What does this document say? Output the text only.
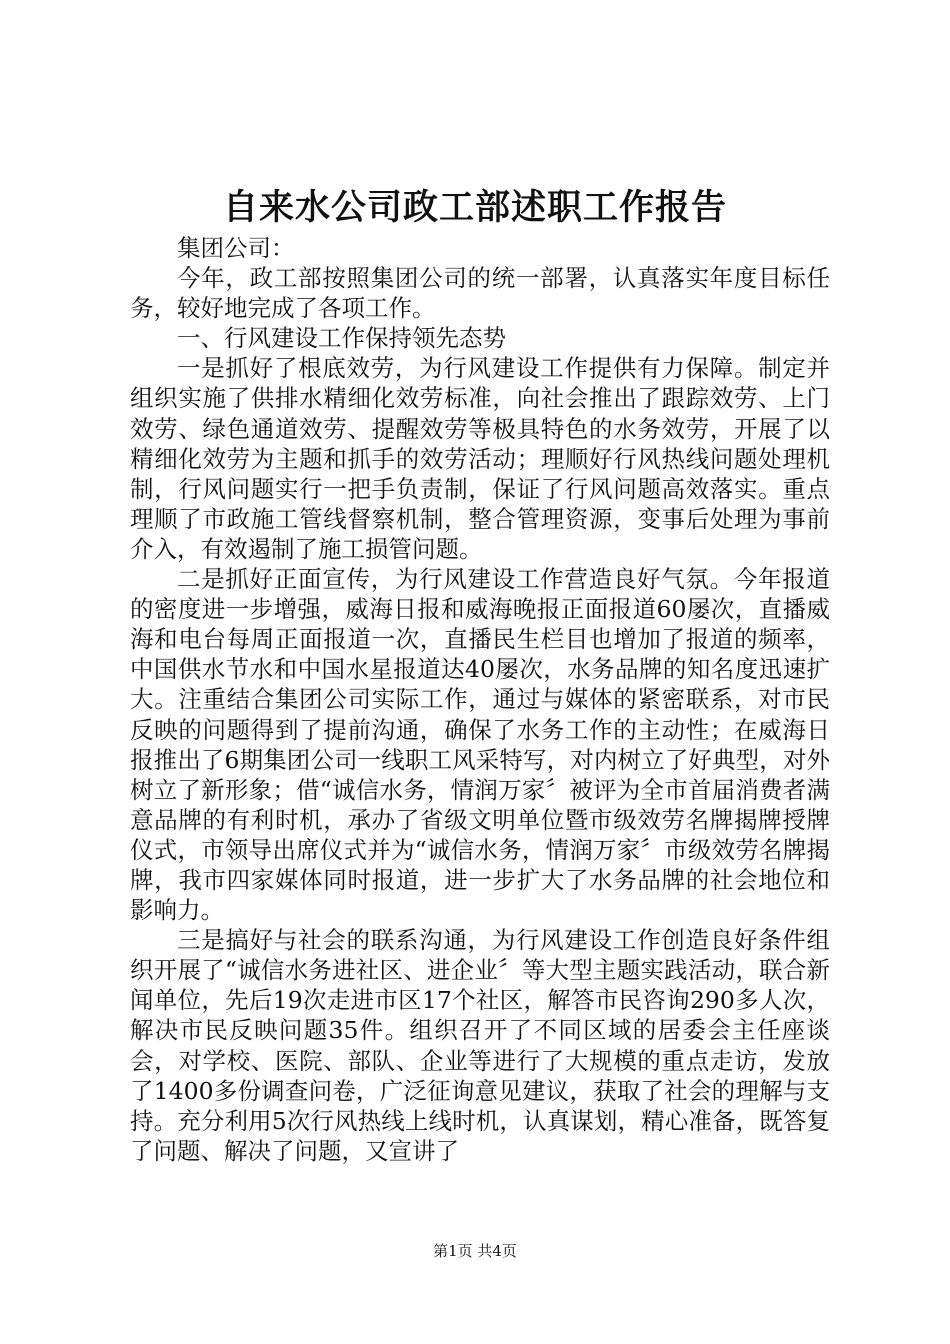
自来水公司政工部述职工作报告

集团公司：

今年，政工部按照集团公司的统一部署，认真落实年度目标任务，较好地完成了各项工作。

一、行风建设工作保持领先态势

一是抓好了根底效劳，为行风建设工作提供有力保障。制定并组织实施了供排水精细化效劳标准，向社会推出了跟踪效劳、上门效劳、绿色通道效劳、提醒效劳等极具特色的水务效劳，开展了以精细化效劳为主题和抓手的效劳活动；理顺好行风热线问题处理机制，行风问题实行一把手负责制，保证了行风问题高效落实。重点理顺了市政施工管线督察机制，整合管理资源，变事后处理为事前介入，有效遏制了施工损管问题。

二是抓好正面宣传，为行风建设工作营造良好气氛。今年报道的密度进一步增强，威海日报和威海晚报正面报道60屡次，直播威海和电台每周正面报道一次，直播民生栏目也增加了报道的频率，中国供水节水和中国水星报道达40屡次，水务品牌的知名度迅速扩大。注重结合集团公司实际工作，通过与媒体的紧密联系，对市民反映的问题得到了提前沟通，确保了水务工作的主动性；在威海日报推出了6期集团公司一线职工风采特写，对内树立了好典型，对外树立了新形象；借“诚信水务，情润万家〞被评为全市首届消费者满意品牌的有利时机，承办了省级文明单位暨市级效劳名牌揭牌授牌仪式，市领导出席仪式并为“诚信水务，情润万家〞市级效劳名牌揭牌，我市四家媒体同时报道，进一步扩大了水务品牌的社会地位和影响力。

三是搞好与社会的联系沟通，为行风建设工作创造良好条件组织开展了“诚信水务进社区、进企业〞等大型主题实践活动，联合新闻单位，先后19次走进市区17个社区，解答市民咨询290多人次，解决市民反映问题35件。组织召开了不同区域的居委会主任座谈会，对学校、医院、部队、企业等进行了大规模的重点走访，发放了1400多份调查问卷，广泛征询意见建议，获取了社会的理解与支持。充分利用5次行风热线上线时机，认真谋划，精心准备，既答复了问题、解决了问题，又宣讲了

第1页 共4页
